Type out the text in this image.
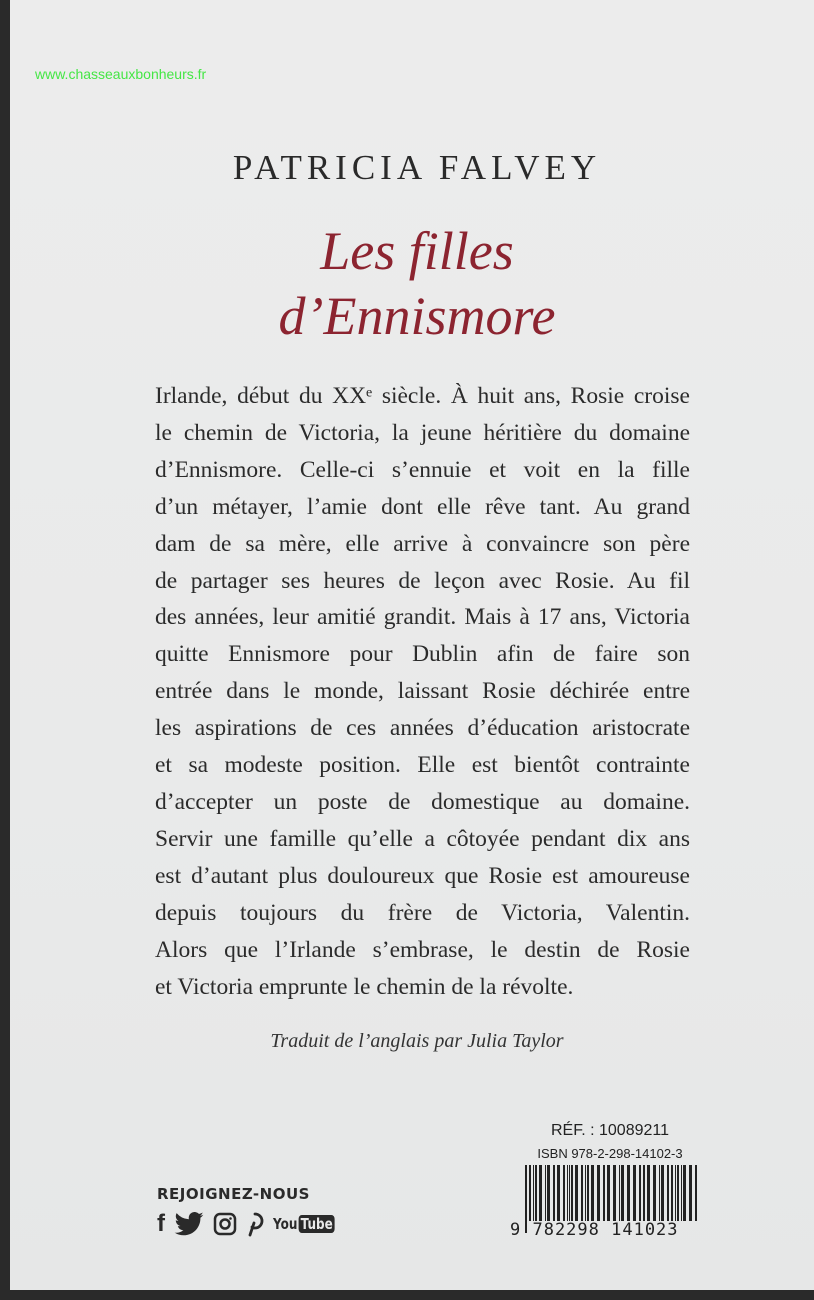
www.chasseauxbonheurs.fr
PATRICIA FALVEY
Les filles
d’Ennismore
Irlande, début du XXᵉ siècle. À huit ans, Rosie croise
le chemin de Victoria, la jeune héritière du domaine
d’Ennismore. Celle-ci s’ennuie et voit en la fille
d’un métayer, l’amie dont elle rêve tant. Au grand
dam de sa mère, elle arrive à convaincre son père
de partager ses heures de leçon avec Rosie. Au fil
des années, leur amitié grandit. Mais à 17 ans, Victoria
quitte Ennismore pour Dublin afin de faire son
entrée dans le monde, laissant Rosie déchirée entre
les aspirations de ces années d’éducation aristocrate
et sa modeste position. Elle est bientôt contrainte
d’accepter un poste de domestique au domaine.
Servir une famille qu’elle a côtoyée pendant dix ans
est d’autant plus douloureux que Rosie est amoureuse
depuis toujours du frère de Victoria, Valentin.
Alors que l’Irlande s’embrase, le destin de Rosie
et Victoria emprunte le chemin de la révolte.
Traduit de l’anglais par Julia Taylor
REJOIGNEZ-NOUS
f	You Tube
RÉF. : 10089211
ISBN 978-2-298-14102-3
9 782298 141023
